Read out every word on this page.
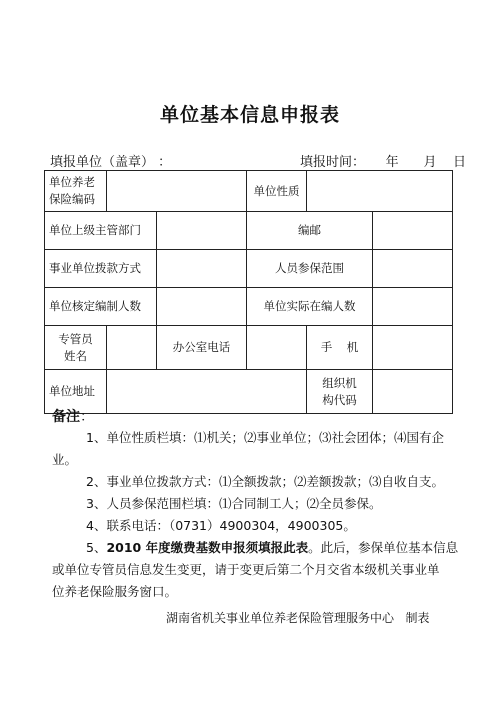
单位基本信息申报表
填报单位（盖章） ：	填报时间：     年      月    日
单位养老
保险编码			单位性质		
单位上级主管部门			编邮		
事业单位拨款方式			人员参保范围		
单位核定编制人数			单位实际在编人数		
专管员
姓名		办公室电话		手    机	
单位地址				组织机
构代码	
备注：
1、单位性质栏填：⑴机关；⑵事业单位；⑶社会团体；⑷国有企
业。
2、事业单位拨款方式：⑴全额拨款；⑵差额拨款；⑶自收自支。
3、人员参保范围栏填：⑴合同制工人；⑵全员参保。
4、联系电话：（0731）4900304，4900305。
5、2010 年度缴费基数申报须填报此表。此后，参保单位基本信息
或单位专管员信息发生变更，请于变更后第二个月交省本级机关事业单
位养老保险服务窗口。
湖南省机关事业单位养老保险管理服务中心   制表
